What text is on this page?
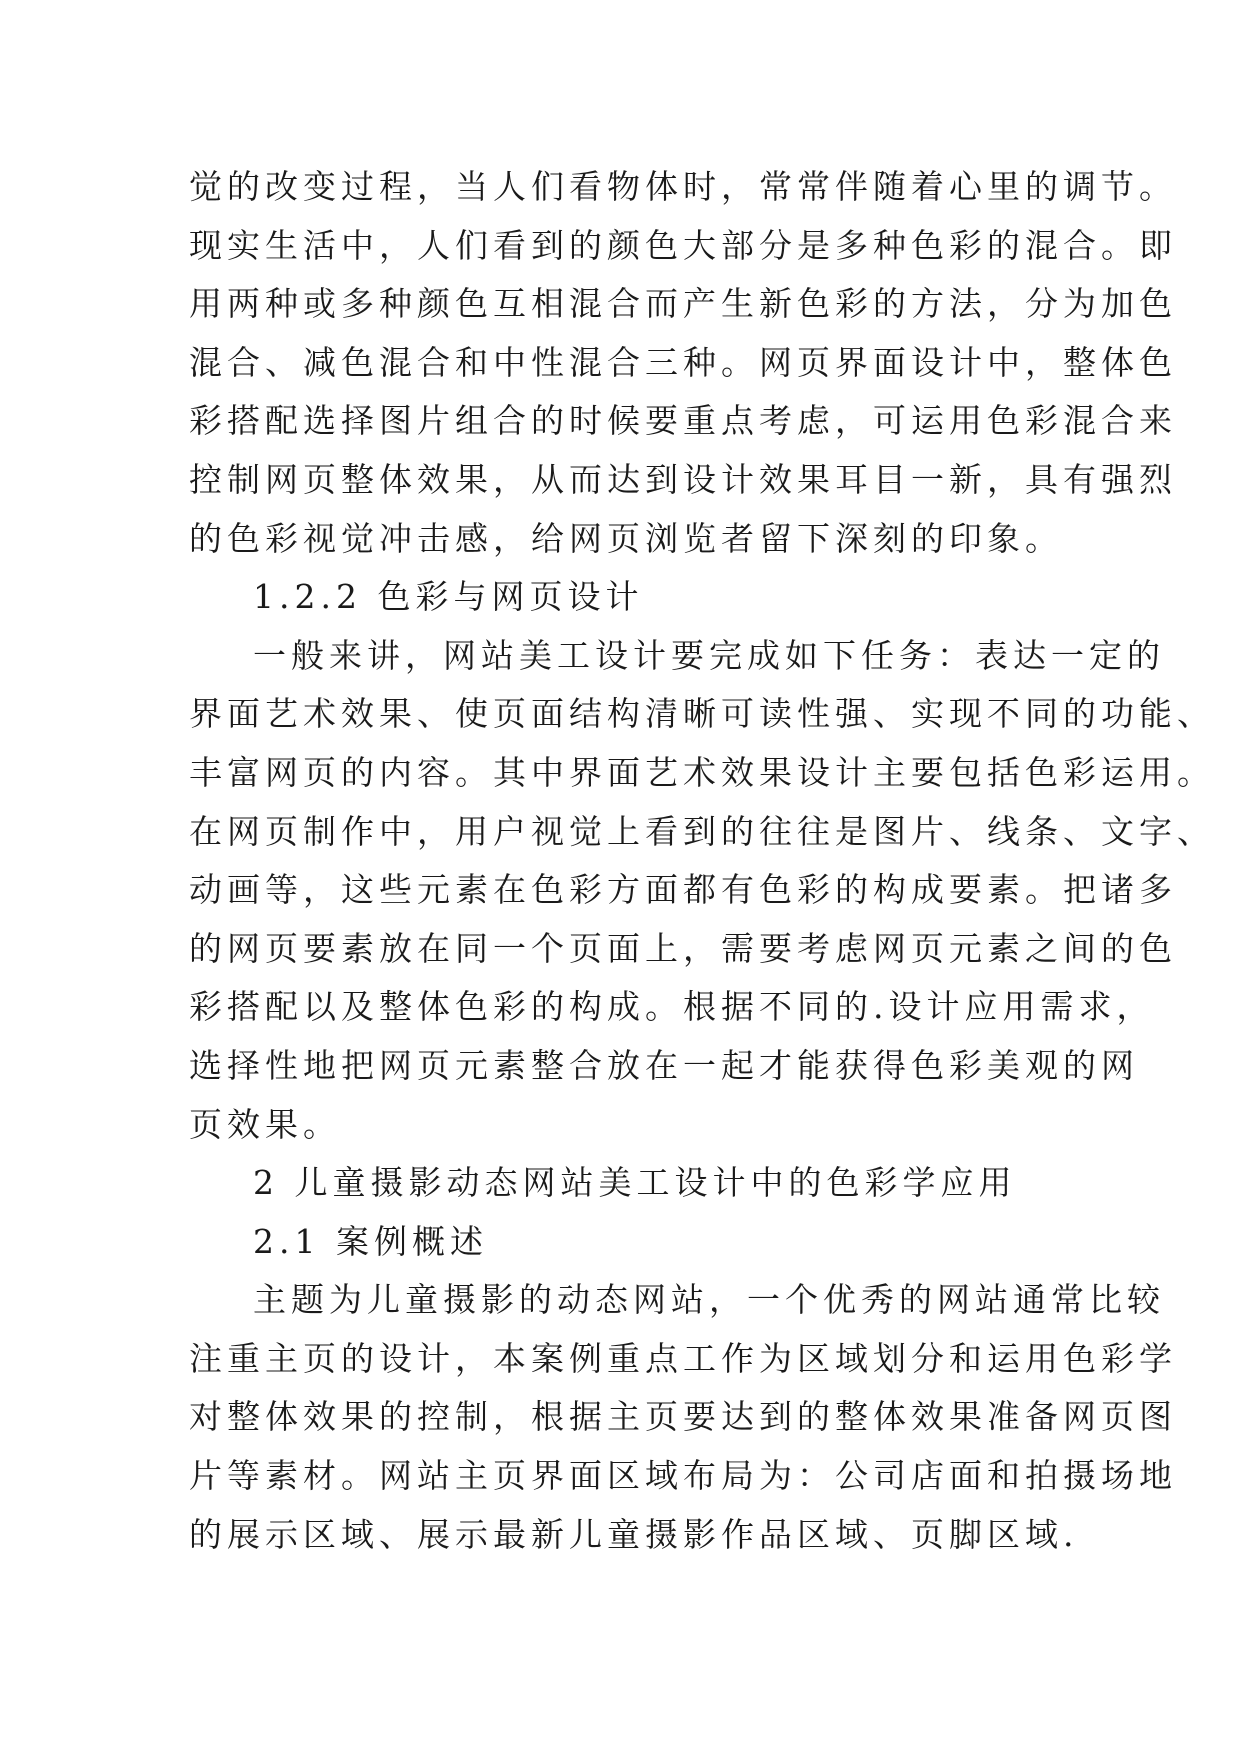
觉的改变过程，当人们看物体时，常常伴随着心里的调节。
现实生活中，人们看到的颜色大部分是多种色彩的混合。即
用两种或多种颜色互相混合而产生新色彩的方法，分为加色
混合、减色混合和中性混合三种。网页界面设计中，整体色
彩搭配选择图片组合的时候要重点考虑，可运用色彩混合来
控制网页整体效果，从而达到设计效果耳目一新，具有强烈
的色彩视觉冲击感，给网页浏览者留下深刻的印象。
1.2.2 色彩与网页设计
一般来讲，网站美工设计要完成如下任务：表达一定的
界面艺术效果、使页面结构清晰可读性强、实现不同的功能、
丰富网页的内容。其中界面艺术效果设计主要包括色彩运用。
在网页制作中，用户视觉上看到的往往是图片、线条、文字、
动画等，这些元素在色彩方面都有色彩的构成要素。把诸多
的网页要素放在同一个页面上，需要考虑网页元素之间的色
彩搭配以及整体色彩的构成。根据不同的.设计应用需求，
选择性地把网页元素整合放在一起才能获得色彩美观的网
页效果。
2 儿童摄影动态网站美工设计中的色彩学应用
2.1 案例概述
主题为儿童摄影的动态网站，一个优秀的网站通常比较
注重主页的设计，本案例重点工作为区域划分和运用色彩学
对整体效果的控制，根据主页要达到的整体效果准备网页图
片等素材。网站主页界面区域布局为：公司店面和拍摄场地
的展示区域、展示最新儿童摄影作品区域、页脚区域.
